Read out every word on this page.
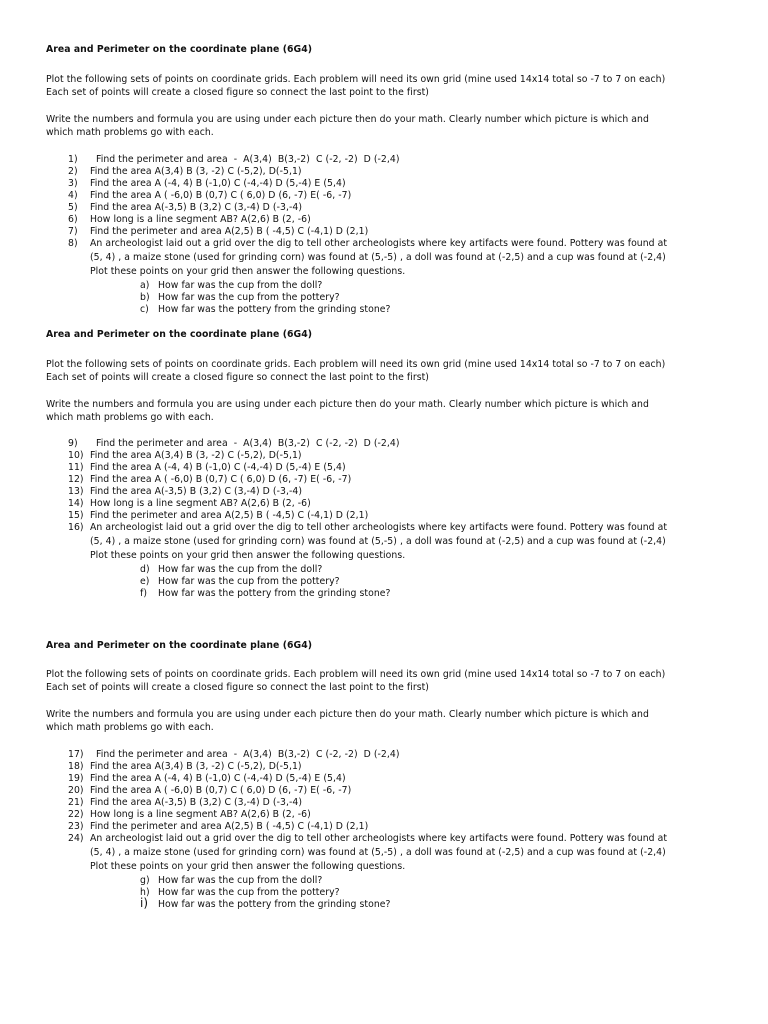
Area and Perimeter on the coordinate plane (6G4)
Plot the following sets of points on coordinate grids. Each problem will need its own grid (mine used 14x14 total so -7 to 7 on each)
Each set of points will create a closed figure so connect the last point to the first)
Write the numbers and formula you are using under each picture then do your math. Clearly number which picture is which and
which math problems go with each.
1)	Find the perimeter and area  -  A(3,4)  B(3,-2)  C (-2, -2)  D (-2,4)
2)	Find the area A(3,4) B (3, -2) C (-5,2), D(-5,1)
3)	Find the area A (-4, 4) B (-1,0) C (-4,-4) D (5,-4) E (5,4)
4)	Find the area A ( -6,0) B (0,7) C ( 6,0) D (6, -7) E( -6, -7)
5)	Find the area A(-3,5) B (3,2) C (3,-4) D (-3,-4)
6)	How long is a line segment AB? A(2,6) B (2, -6)
7)	Find the perimeter and area A(2,5) B ( -4,5) C (-4,1) D (2,1)
8)	An archeologist laid out a grid over the dig to tell other archeologists where key artifacts were found. Pottery was found at
(5, 4) , a maize stone (used for grinding corn) was found at (5,-5) , a doll was found at (-2,5) and a cup was found at (-2,4)
Plot these points on your grid then answer the following questions.
a) How far was the cup from the doll?
b) How far was the cup from the pottery?
c) How far was the pottery from the grinding stone?
Area and Perimeter on the coordinate plane (6G4)
Plot the following sets of points on coordinate grids. Each problem will need its own grid (mine used 14x14 total so -7 to 7 on each)
Each set of points will create a closed figure so connect the last point to the first)
Write the numbers and formula you are using under each picture then do your math. Clearly number which picture is which and
which math problems go with each.
9)	Find the perimeter and area  -  A(3,4)  B(3,-2)  C (-2, -2)  D (-2,4)
10) Find the area A(3,4) B (3, -2) C (-5,2), D(-5,1)
11) Find the area A (-4, 4) B (-1,0) C (-4,-4) D (5,-4) E (5,4)
12) Find the area A ( -6,0) B (0,7) C ( 6,0) D (6, -7) E( -6, -7)
13) Find the area A(-3,5) B (3,2) C (3,-4) D (-3,-4)
14) How long is a line segment AB? A(2,6) B (2, -6)
15) Find the perimeter and area A(2,5) B ( -4,5) C (-4,1) D (2,1)
16) An archeologist laid out a grid over the dig to tell other archeologists where key artifacts were found. Pottery was found at
(5, 4) , a maize stone (used for grinding corn) was found at (5,-5) , a doll was found at (-2,5) and a cup was found at (-2,4)
Plot these points on your grid then answer the following questions.
d) How far was the cup from the doll?
e) How far was the cup from the pottery?
f) How far was the pottery from the grinding stone?
Area and Perimeter on the coordinate plane (6G4)
Plot the following sets of points on coordinate grids. Each problem will need its own grid (mine used 14x14 total so -7 to 7 on each)
Each set of points will create a closed figure so connect the last point to the first)
Write the numbers and formula you are using under each picture then do your math. Clearly number which picture is which and
which math problems go with each.
17) Find the perimeter and area  -  A(3,4)  B(3,-2)  C (-2, -2)  D (-2,4)
18) Find the area A(3,4) B (3, -2) C (-5,2), D(-5,1)
19) Find the area A (-4, 4) B (-1,0) C (-4,-4) D (5,-4) E (5,4)
20) Find the area A ( -6,0) B (0,7) C ( 6,0) D (6, -7) E( -6, -7)
21) Find the area A(-3,5) B (3,2) C (3,-4) D (-3,-4)
22) How long is a line segment AB? A(2,6) B (2, -6)
23) Find the perimeter and area A(2,5) B ( -4,5) C (-4,1) D (2,1)
24) An archeologist laid out a grid over the dig to tell other archeologists where key artifacts were found. Pottery was found at
(5, 4) , a maize stone (used for grinding corn) was found at (5,-5) , a doll was found at (-2,5) and a cup was found at (-2,4)
Plot these points on your grid then answer the following questions.
g) How far was the cup from the doll?
h) How far was the cup from the pottery?
i) How far was the pottery from the grinding stone?
